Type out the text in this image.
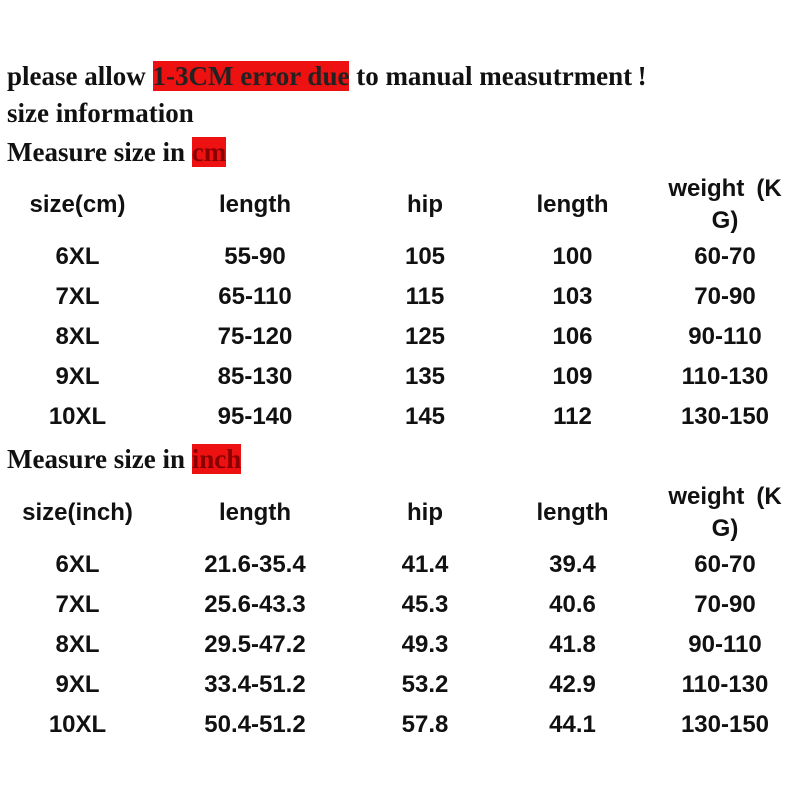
please allow 1-3CM error due to manual measutrment !
size information
Measure size in cm
size(cm)	length	hip	length	weight (K G)
6XL	55-90	105	100	60-70
7XL	65-110	115	103	70-90
8XL	75-120	125	106	90-110
9XL	85-130	135	109	110-130
10XL	95-140	145	112	130-150
Measure size in inch
size(inch)	length	hip	length	weight (K G)
6XL	21.6-35.4	41.4	39.4	60-70
7XL	25.6-43.3	45.3	40.6	70-90
8XL	29.5-47.2	49.3	41.8	90-110
9XL	33.4-51.2	53.2	42.9	110-130
10XL	50.4-51.2	57.8	44.1	130-150
